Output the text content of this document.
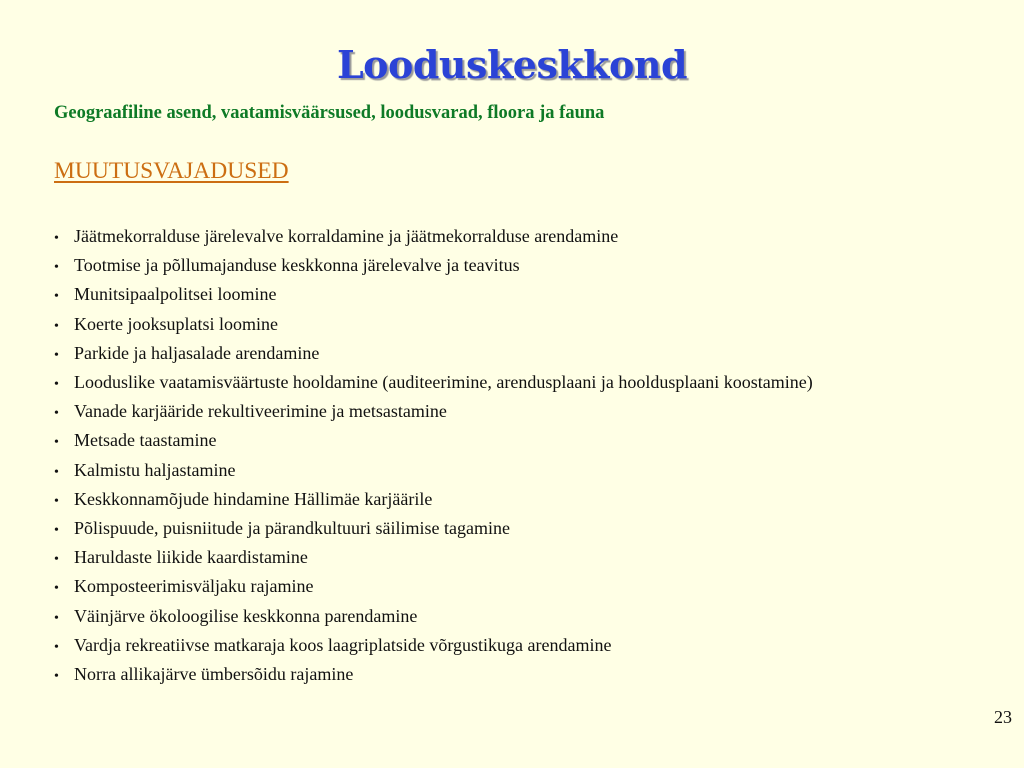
Looduskeskkond
Geograafiline asend, vaatamisväärsused, loodusvarad, floora ja fauna
MUUTUSVAJADUSED
• Jäätmekorralduse järelevalve korraldamine ja jäätmekorralduse arendamine
• Tootmise ja põllumajanduse keskkonna järelevalve ja teavitus
• Munitsipaalpolitsei loomine
• Koerte jooksuplatsi loomine
• Parkide ja haljasalade arendamine
• Looduslike vaatamisväärtuste hooldamine (auditeerimine, arendusplaani ja hooldusplaani koostamine)
• Vanade karjääride rekultiveerimine ja metsastamine
• Metsade taastamine
• Kalmistu haljastamine
• Keskkonnamõjude hindamine Hällimäe karjäärile
• Põlispuude, puisniitude ja pärandkultuuri säilimise tagamine
• Haruldaste liikide kaardistamine
• Komposteerimisväljaku rajamine
• Väinjärve ökoloogilise keskkonna parendamine
• Vardja rekreatiivse matkaraja koos laagriplatside võrgustikuga arendamine
• Norra allikajärve ümbersõidu rajamine
23
